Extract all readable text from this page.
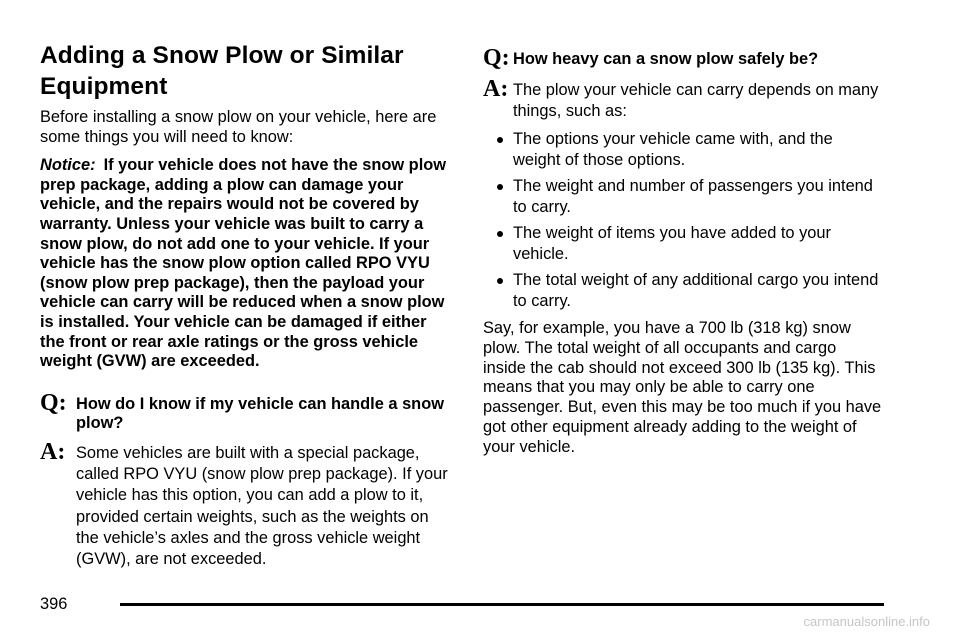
Adding a Snow Plow or Similar Equipment

Before installing a snow plow on your vehicle, here are some things you will need to know:

Notice: If your vehicle does not have the snow plow prep package, adding a plow can damage your vehicle, and the repairs would not be covered by warranty. Unless your vehicle was built to carry a snow plow, do not add one to your vehicle. If your vehicle has the snow plow option called RPO VYU (snow plow prep package), then the payload your vehicle can carry will be reduced when a snow plow is installed. Your vehicle can be damaged if either the front or rear axle ratings or the gross vehicle weight (GVW) are exceeded.

Q: How do I know if my vehicle can handle a snow plow?
A: Some vehicles are built with a special package, called RPO VYU (snow plow prep package). If your vehicle has this option, you can add a plow to it, provided certain weights, such as the weights on the vehicle’s axles and the gross vehicle weight (GVW), are not exceeded.
Q: How heavy can a snow plow safely be?
A: The plow your vehicle can carry depends on many things, such as:
The options your vehicle came with, and the weight of those options.
The weight and number of passengers you intend to carry.
The weight of items you have added to your vehicle.
The total weight of any additional cargo you intend to carry.

Say, for example, you have a 700 lb (318 kg) snow plow. The total weight of all occupants and cargo inside the cab should not exceed 300 lb (135 kg). This means that you may only be able to carry one passenger. But, even this may be too much if you have got other equipment already adding to the weight of your vehicle.

396
carmanualsonline.info
